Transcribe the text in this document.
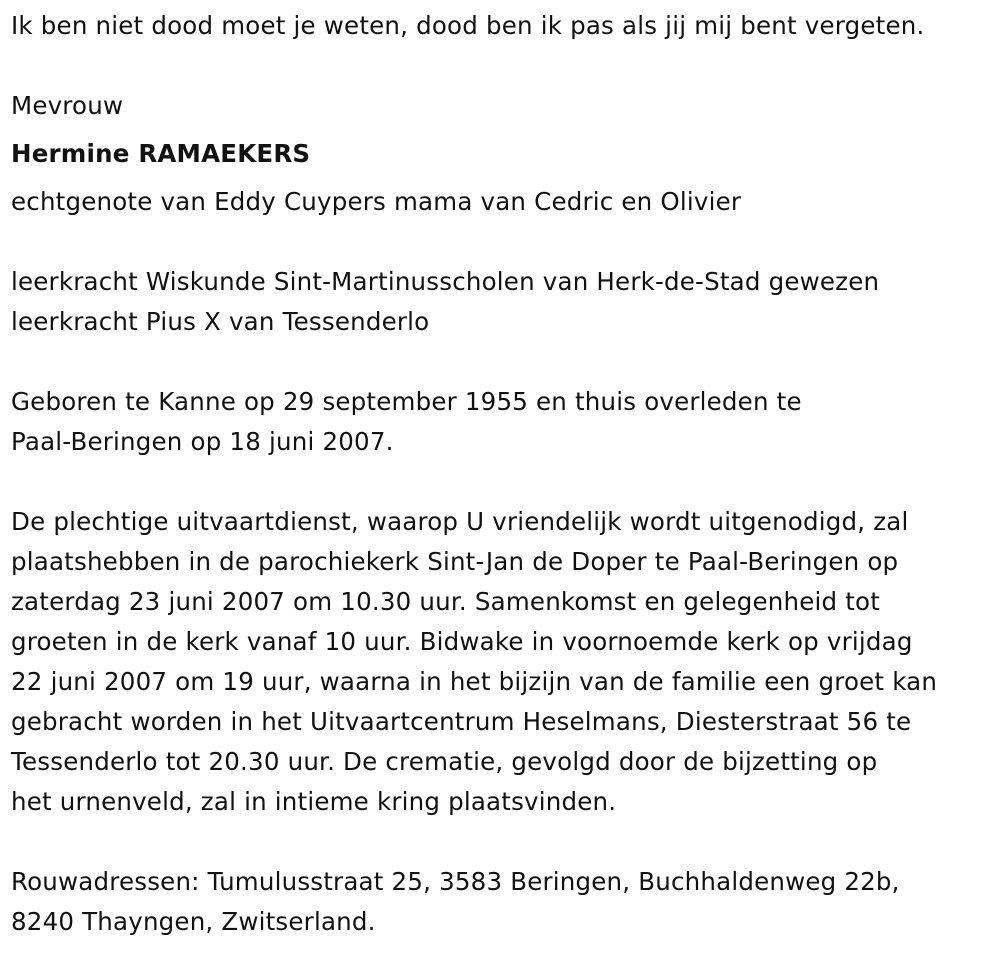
Ik ben niet dood moet je weten, dood ben ik pas als jij mij bent vergeten.

Mevrouw

Hermine RAMAEKERS

echtgenote van Eddy Cuypers mama van Cedric en Olivier

leerkracht Wiskunde Sint-Martinusscholen van Herk-de-Stad gewezen

leerkracht Pius X van Tessenderlo

Geboren te Kanne op 29 september 1955 en thuis overleden te

Paal-Beringen op 18 juni 2007.

De plechtige uitvaartdienst, waarop U vriendelijk wordt uitgenodigd, zal

plaatshebben in de parochiekerk Sint-Jan de Doper te Paal-Beringen op

zaterdag 23 juni 2007 om 10.30 uur. Samenkomst en gelegenheid tot

groeten in de kerk vanaf 10 uur. Bidwake in voornoemde kerk op vrijdag

22 juni 2007 om 19 uur, waarna in het bijzijn van de familie een groet kan

gebracht worden in het Uitvaartcentrum Heselmans, Diesterstraat 56 te

Tessenderlo tot 20.30 uur. De crematie, gevolgd door de bijzetting op

het urnenveld, zal in intieme kring plaatsvinden.

Rouwadressen: Tumulusstraat 25, 3583 Beringen, Buchhaldenweg 22b,

8240 Thayngen, Zwitserland.
